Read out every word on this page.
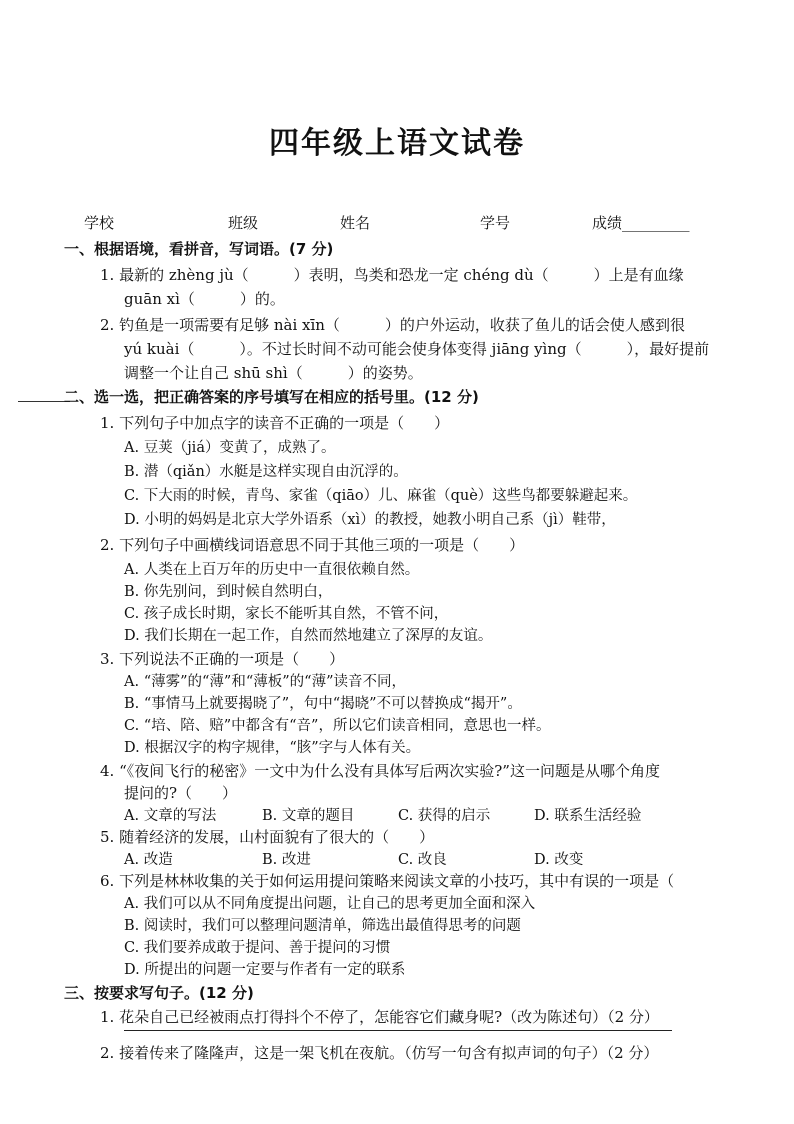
四年级上语文试卷
学校	班级	姓名	学号	成绩_________
一、根据语境，看拼音，写词语。(7 分)
1. 最新的 zhèng jù（　　　）表明，鸟类和恐龙一定 chéng dù（　　　）上是有血缘
guān xì（　　　）的。
2. 钓鱼是一项需要有足够 nài xīn（　　　）的户外运动，收获了鱼儿的话会使人感到很
yú kuài（　　　）。不过长时间不动可能会使身体变得 jiāng yìng（　　　），最好提前
调整一个让自己 shū shì（　　　）的姿势。
二、选一选，把正确答案的序号填写在相应的括号里。(12 分)
1. 下列句子中加点字的读音不正确的一项是（　　）
A. 豆荚（jiá）变黄了，成熟了。
B. 潜（qiǎn）水艇是这样实现自由沉浮的。
C. 下大雨的时候，青鸟、家雀（qiāo）儿、麻雀（què）这些鸟都要躲避起来。
D. 小明的妈妈是北京大学外语系（xì）的教授，她教小明自己系（jì）鞋带，
2. 下列句子中画横线词语意思不同于其他三项的一项是（　　）
A. 人类在上百万年的历史中一直很依赖自然。
B. 你先别问，到时候自然明白，
C. 孩子成长时期，家长不能听其自然，不管不问，
D. 我们长期在一起工作，自然而然地建立了深厚的友谊。
3. 下列说法不正确的一项是（　　）
A. “薄雾”的“薄”和“薄板”的“薄”读音不同，
B. “事情马上就要揭晓了”，句中“揭晓”不可以替换成“揭开”。
C. “培、陪、赔”中都含有“咅”，所以它们读音相同，意思也一样。
D. 根据汉字的构字规律，“胲”字与人体有关。
4. “《夜间飞行的秘密》一文中为什么没有具体写后两次实验?”这一问题是从哪个角度
提问的?（　　）
A. 文章的写法	B. 文章的题目	C. 获得的启示	D. 联系生活经验
5. 随着经济的发展，山村面貌有了很大的（　　）
A. 改造	B. 改进	C. 改良	D. 改变
6. 下列是林林收集的关于如何运用提问策略来阅读文章的小技巧，其中有误的一项是（
A. 我们可以从不同角度提出问题，让自己的思考更加全面和深入
B. 阅读时，我们可以整理问题清单，筛选出最值得思考的问题
C. 我们要养成敢于提问、善于提问的习惯
D. 所提出的问题一定要与作者有一定的联系
三、按要求写句子。(12 分)
1. 花朵自己已经被雨点打得抖个不停了，怎能容它们藏身呢?（改为陈述句）（2 分）
2. 接着传来了隆隆声，这是一架飞机在夜航。（仿写一句含有拟声词的句子）（2 分）
